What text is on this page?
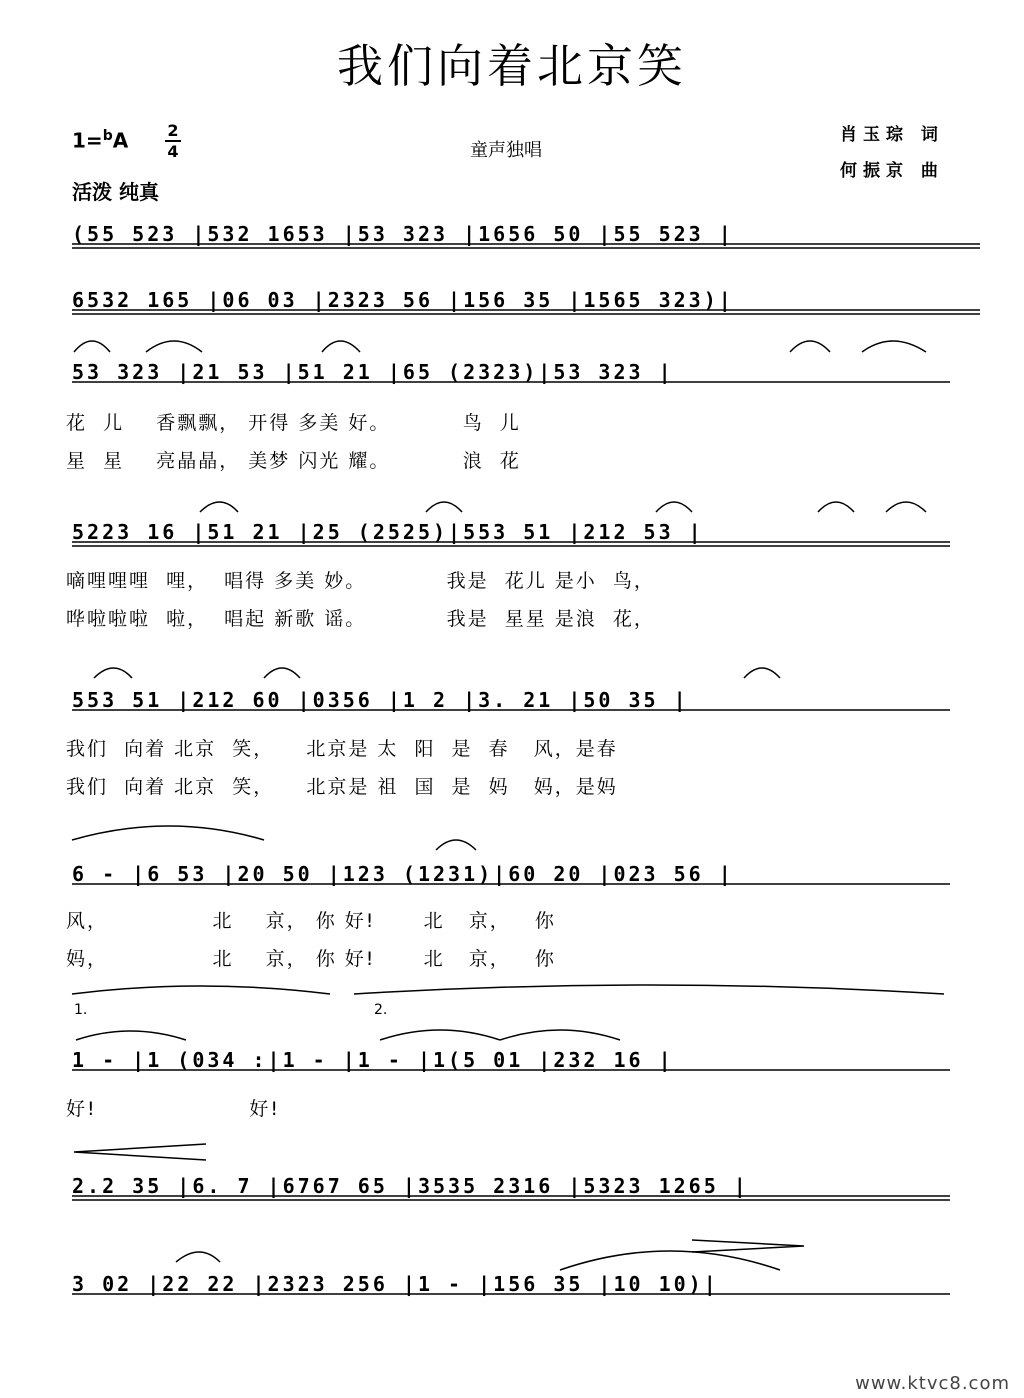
我们向着北京笑
1=$^b$A	2
4
活泼 纯真
童声独唱
肖玉琮 词
何振京 曲
(55 523 |532 1653 |53 323 |1656 50 |55 523 |
6532 165 |06 03 |2323 56 |156 35 |1565 323)|
53 323 |21 53 |51 21 |65 (2323)|53 323 |
花  儿    香飘飘， 开得 多美 好。         鸟  儿
星  星    亮晶晶， 美梦 闪光 耀。         浪  花
5223 16 |51 21 |25 (2525)|553 51 |212 53 |
嘀哩哩哩  哩，  唱得 多美 妙。          我是  花儿 是小  鸟，
哗啦啦啦  啦，  唱起 新歌 谣。          我是  星星 是浪  花，
553 51 |212 60 |0356 |1 2 |3. 21 |50 35 |
我们  向着 北京  笑，    北京是 太  阳  是  春   风，是春
我们  向着 北京  笑，    北京是 祖  国  是  妈   妈，是妈
6 - |6 53 |20 50 |123 (1231)|60 20 |023 56 |
风，             北    京， 你 好!      北   京，   你
妈，             北    京， 你 好!      北   京，   你
1.	2.
1 - |1 (034 :|1 - |1 - |1(5 01 |232 16 |
好!                   好!
2.2 35 |6. 7 |6767 65 |3535 2316 |5323 1265 |
3 02 |22 22 |2323 256 |1 - |156 35 |10 10)|
www.ktvc8.com
